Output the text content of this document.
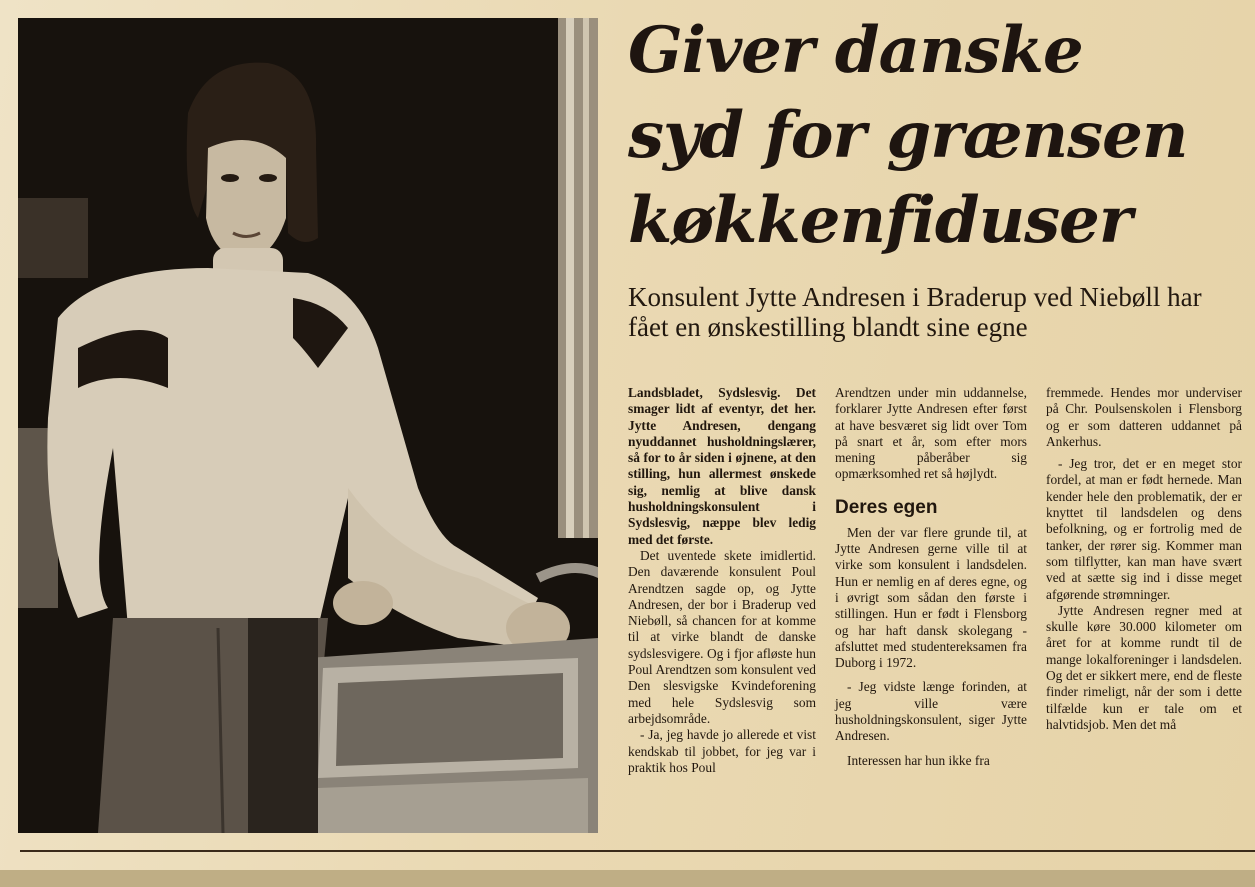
Giver danske
syd for grænsen
køkkenfiduser
Konsulent Jytte Andresen i Braderup ved Niebøll har fået en ønskestilling blandt sine egne

Landsbladet, Sydslesvig. Det smager lidt af eventyr, det her. Jytte Andresen, dengang nyuddannet husholdningslærer, så for to år siden i øjnene, at den stilling, hun allermest ønskede sig, nemlig at blive dansk husholdningskonsulent i Sydslesvig, næppe blev ledig med det første.

Det uventede skete imidlertid. Den daværende konsulent Poul Arendtzen sagde op, og Jytte Andresen, der bor i Braderup ved Niebøll, så chancen for at komme til at virke blandt de danske sydslesvigere. Og i fjor afløste hun Poul Arendtzen som konsulent ved Den slesvigske Kvindeforening med hele Sydslesvig som arbejdsområde.

- Ja, jeg havde jo allerede et vist kendskab til jobbet, for jeg var i praktik hos Poul

Arendtzen under min uddannelse, forklarer Jytte Andresen efter først at have besværet sig lidt over Tom på snart et år, som efter mors mening påberåber sig opmærksomhed ret så højlydt.

Deres egen

Men der var flere grunde til, at Jytte Andresen gerne ville til at virke som konsulent i landsdelen. Hun er nemlig en af deres egne, og i øvrigt som sådan den første i stillingen. Hun er født i Flensborg og har haft dansk skolegang - afsluttet med studentereksamen fra Duborg i 1972.

- Jeg vidste længe forinden, at jeg ville være husholdningskonsulent, siger Jytte Andresen.

Interessen har hun ikke fra

fremmede. Hendes mor underviser på Chr. Poulsenskolen i Flensborg og er som datteren uddannet på Ankerhus.

- Jeg tror, det er en meget stor fordel, at man er født hernede. Man kender hele den problematik, der er knyttet til landsdelen og dens befolkning, og er fortrolig med de tanker, der rører sig. Kommer man som tilflytter, kan man have svært ved at sætte sig ind i disse meget afgørende strømninger.

Jytte Andresen regner med at skulle køre 30.000 kilometer om året for at komme rundt til de mange lokalforeninger i landsdelen. Og det er sikkert mere, end de fleste finder rimeligt, når der som i dette tilfælde kun er tale om et halvtidsjob. Men det må
